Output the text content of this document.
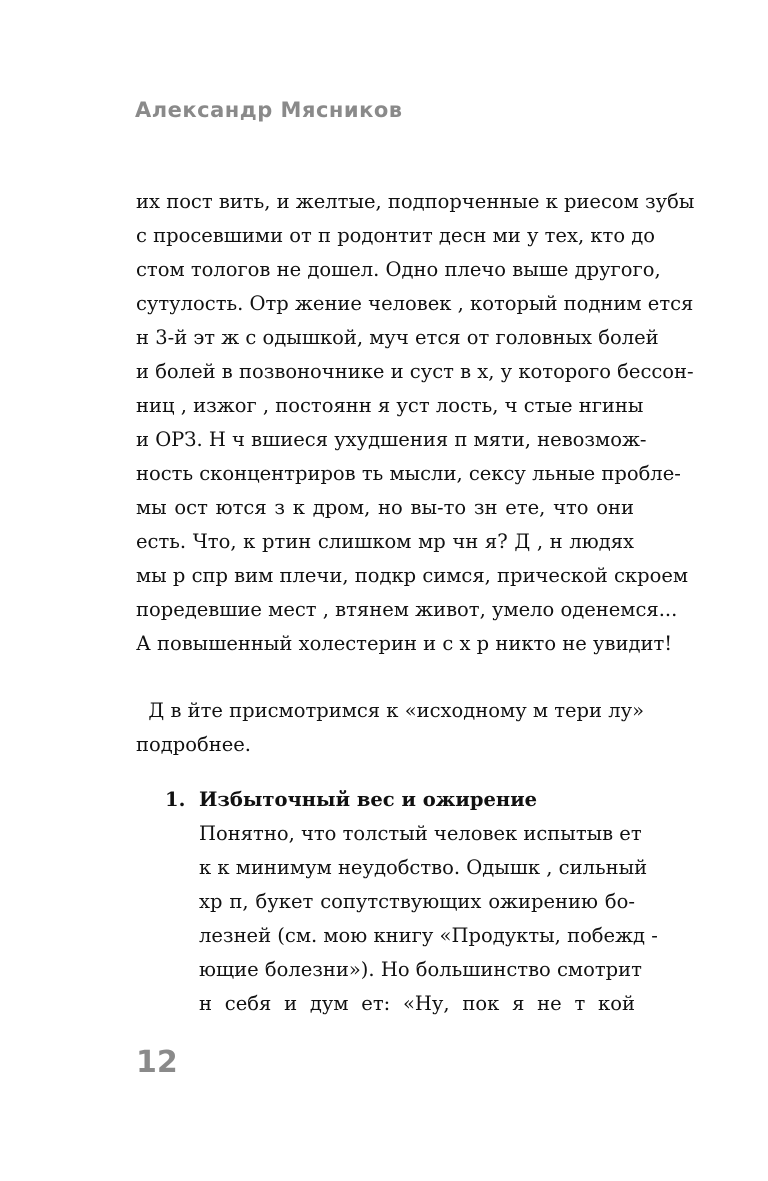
Александр Мясников
их пост вить, и желтые, подпорченные к риесом зубы
с просевшими от п родонтит десн ми у тех, кто до
стом тологов не дошел. Одно плечо выше другого,
сутулость. Отр жение человек , который подним ется
н 3-й эт ж с одышкой, муч ется от головных болей
и болей в позвоночнике и суст в х, у которого бессон-
ниц , изжог , постоянн я уст лость, ч стые нгины
и ОРЗ. Н ч вшиеся ухудшения п мяти, невозмож-
ность сконцентриров ть мысли, сексу льные пробле-
мы ост ются з к дром, но вы-то зн ете, что они
есть. Что, к ртин слишком мр чн я? Д , н людях
мы р спр вим плечи, подкр симся, прической скроем
поредевшие мест , втянем живот, умело оденемся...
А повышенный холестерин и с х р никто не увидит!
Д в йте присмотримся к «исходному м тери лу»
подробнее.
1. Избыточный вес и ожирение
Понятно, что толстый человек испытыв ет
к к минимум неудобство. Одышк , сильный
хр п, букет сопутствующих ожирению бо-
лезней (см. мою книгу «Продукты, побежд -
ющие болезни»). Но большинство смотрит
н себя и дум ет: «Ну, пок я не т кой
12
